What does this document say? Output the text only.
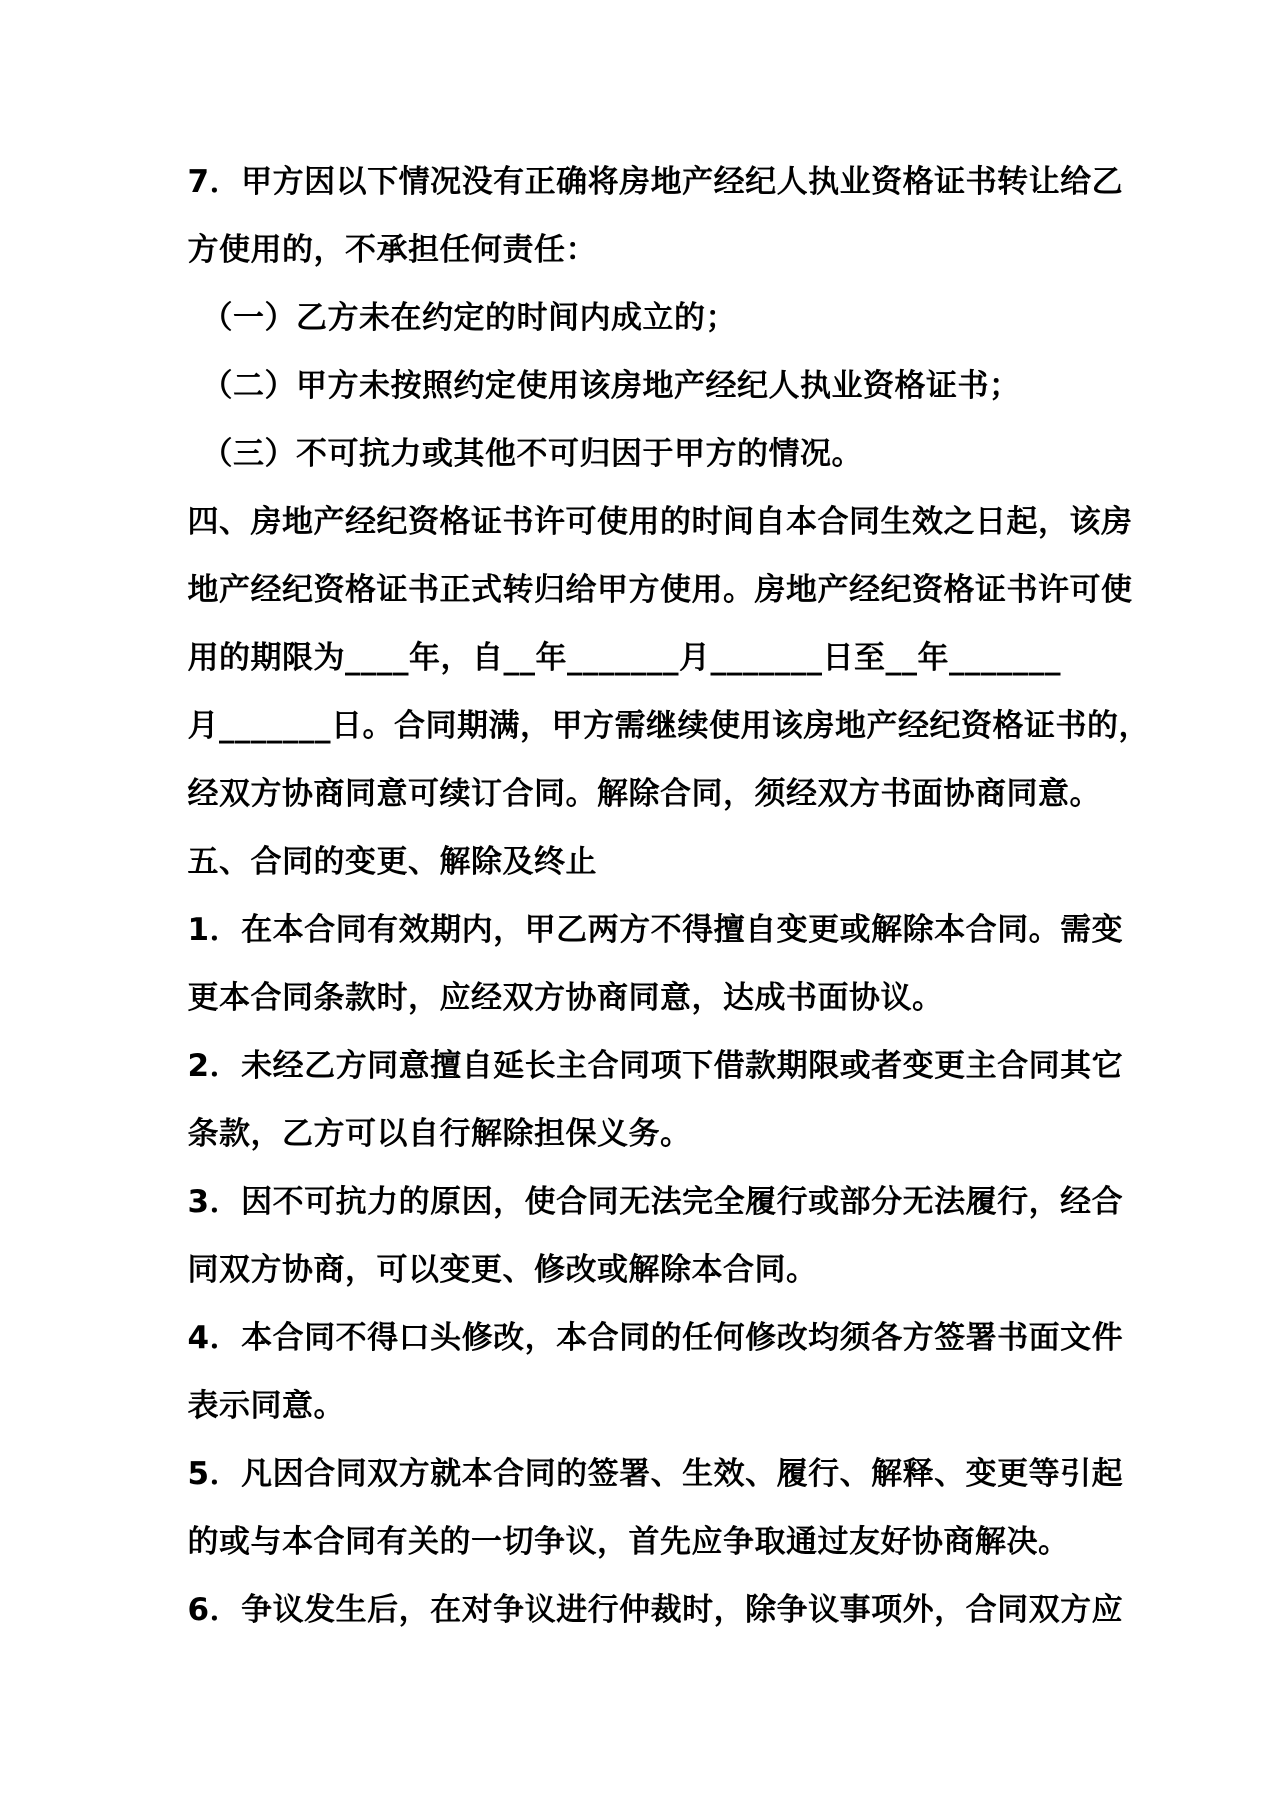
7．甲方因以下情况没有正确将房地产经纪人执业资格证书转让给乙
方使用的，不承担任何责任：
（一）乙方未在约定的时间内成立的；
（二）甲方未按照约定使用该房地产经纪人执业资格证书；
（三）不可抗力或其他不可归因于甲方的情况。
四、房地产经纪资格证书许可使用的时间自本合同生效之日起，该房
地产经纪资格证书正式转归给甲方使用。房地产经纪资格证书许可使
用的期限为____年，自__年_______月_______日至__年_______
月_______日。合同期满，甲方需继续使用该房地产经纪资格证书的，
经双方协商同意可续订合同。解除合同，须经双方书面协商同意。
五、合同的变更、解除及终止
1．在本合同有效期内，甲乙两方不得擅自变更或解除本合同。需变
更本合同条款时，应经双方协商同意，达成书面协议。
2．未经乙方同意擅自延长主合同项下借款期限或者变更主合同其它
条款，乙方可以自行解除担保义务。
3．因不可抗力的原因，使合同无法完全履行或部分无法履行，经合
同双方协商，可以变更、修改或解除本合同。
4．本合同不得口头修改，本合同的任何修改均须各方签署书面文件
表示同意。
5．凡因合同双方就本合同的签署、生效、履行、解释、变更等引起
的或与本合同有关的一切争议，首先应争取通过友好协商解决。
6．争议发生后，在对争议进行仲裁时，除争议事项外，合同双方应
